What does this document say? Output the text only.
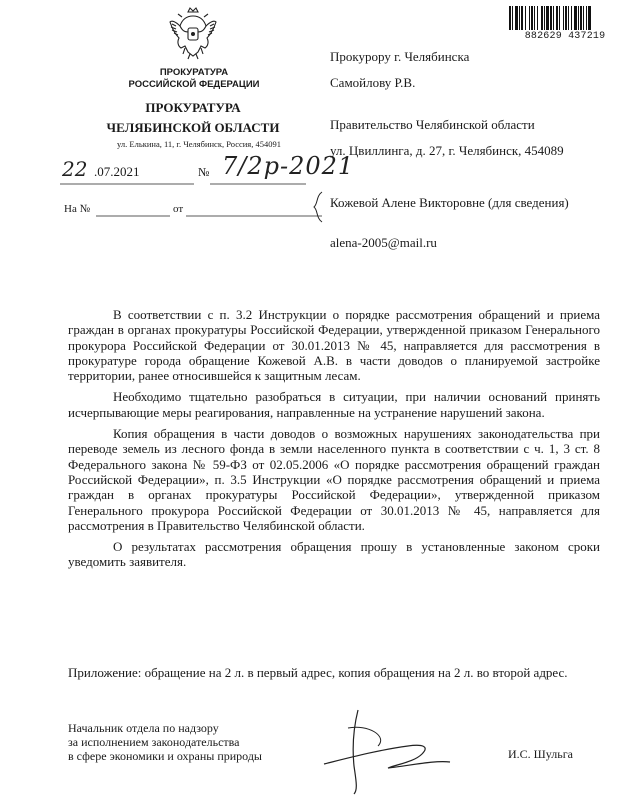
882629 437219
ПРОКУРАТУРА
РОССИЙСКОЙ ФЕДЕРАЦИИ
ПРОКУРАТУРА
ЧЕЛЯБИНСКОЙ ОБЛАСТИ
ул. Елькина, 11, г. Челябинск, Россия, 454091
22 .07.2021	№ 7/2р-2021
На №	от
Прокурору г. Челябинска
Самойлову Р.В.
Правительство Челябинской области
ул. Цвиллинга, д. 27, г. Челябинск, 454089
Кожевой Алене Викторовне (для сведения)
alena-2005@mail.ru

В соответствии с п. 3.2 Инструкции о порядке рассмотрения обращений и приема граждан в органах прокуратуры Российской Федерации, утвержденной приказом Генерального прокурора Российской Федерации от 30.01.2013 № 45, направляется для рассмотрения в прокуратуре города обращение Кожевой А.В. в части доводов о планируемой застройке территории, ранее относившейся к защитным лесам.

Необходимо тщательно разобраться в ситуации, при наличии оснований принять исчерпывающие меры реагирования, направленные на устранение нарушений закона.

Копия обращения в части доводов о возможных нарушениях законодательства при переводе земель из лесного фонда в земли населенного пункта в соответствии с ч. 1, 3 ст. 8 Федерального закона № 59-ФЗ от 02.05.2006 «О порядке рассмотрения обращений граждан Российской Федерации», п. 3.5 Инструкции «О порядке рассмотрения обращений и приема граждан в органах прокуратуры Российской Федерации», утвержденной приказом Генерального прокурора Российской Федерации от 30.01.2013 № 45, направляется для рассмотрения в Правительство Челябинской области.

О результатах рассмотрения обращения прошу в установленные законом сроки уведомить заявителя.

Приложение: обращение на 2 л. в первый адрес, копия обращения на 2 л. во второй адрес.
Начальник отдела по надзору
за исполнением законодательства
в сфере экономики и охраны природы	И.С. Шульга
